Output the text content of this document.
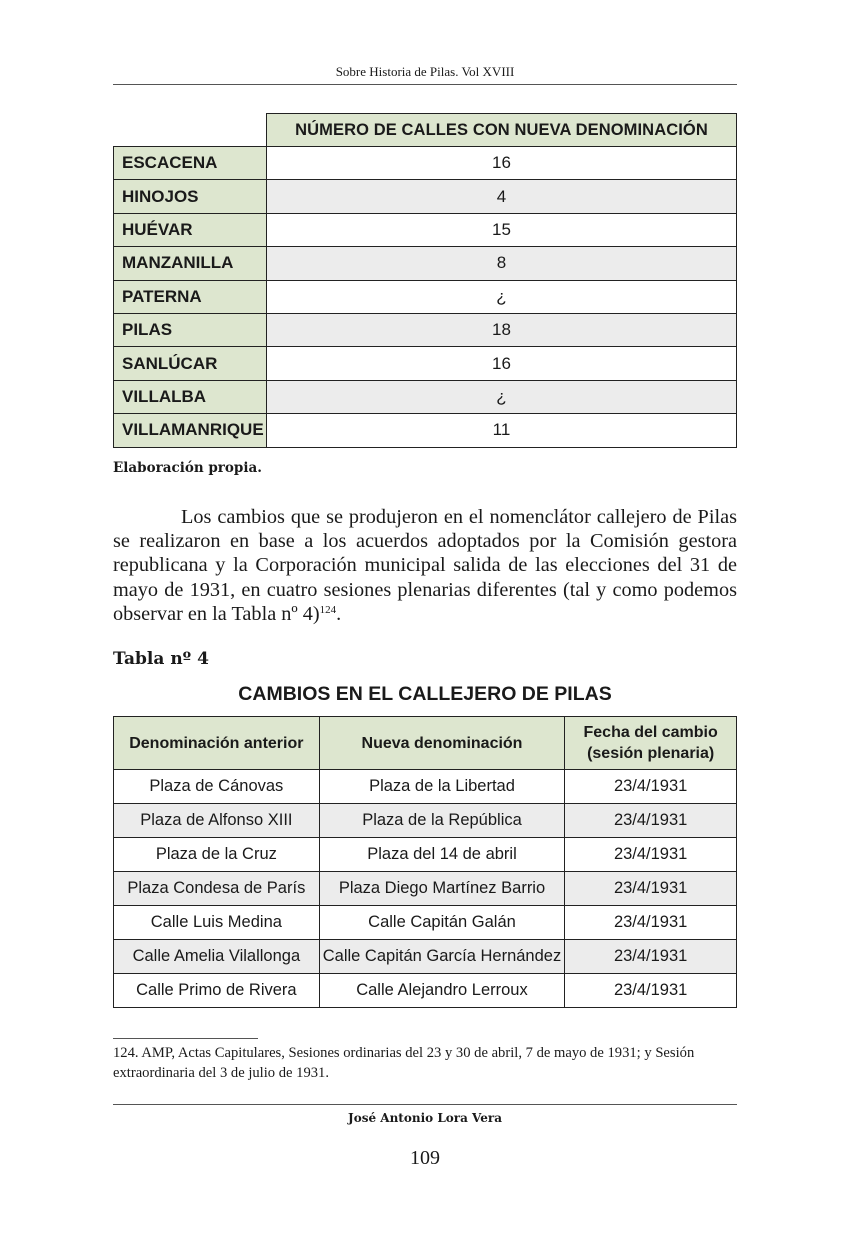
Sobre Historia de Pilas. Vol XVIII
	NÚMERO DE CALLES CON NUEVA DENOMINACIÓN
ESCACENA	16
HINOJOS	4
HUÉVAR	15
MANZANILLA	8
PATERNA	¿
PILAS	18
SANLÚCAR	16
VILLALBA	¿
VILLAMANRIQUE	11
Elaboración propia.

Los cambios que se produjeron en el nomenclátor callejero de Pilas se realizaron en base a los acuerdos adoptados por la Comisión gestora republicana y la Corporación municipal salida de las elecciones del 31 de mayo de 1931, en cuatro sesiones plenarias diferentes (tal y como podemos observar en la Tabla nº 4)$^{124}$.

Tabla nº 4
CAMBIOS EN EL CALLEJERO DE PILAS
Denominación anterior	Nueva denominación	Fecha del cambio
(sesión plenaria)
Plaza de Cánovas	Plaza de la Libertad	23/4/1931
Plaza de Alfonso XIII	Plaza de la República	23/4/1931
Plaza de la Cruz	Plaza del 14 de abril	23/4/1931
Plaza Condesa de París	Plaza Diego Martínez Barrio	23/4/1931
Calle Luis Medina	Calle Capitán Galán	23/4/1931
Calle Amelia Vilallonga	Calle Capitán García Hernández	23/4/1931
Calle Primo de Rivera	Calle Alejandro Lerroux	23/4/1931

124. AMP, Actas Capitulares, Sesiones ordinarias del 23 y 30 de abril, 7 de mayo de 1931; y Sesión extraordinaria del 3 de julio de 1931.

José Antonio Lora Vera
109
